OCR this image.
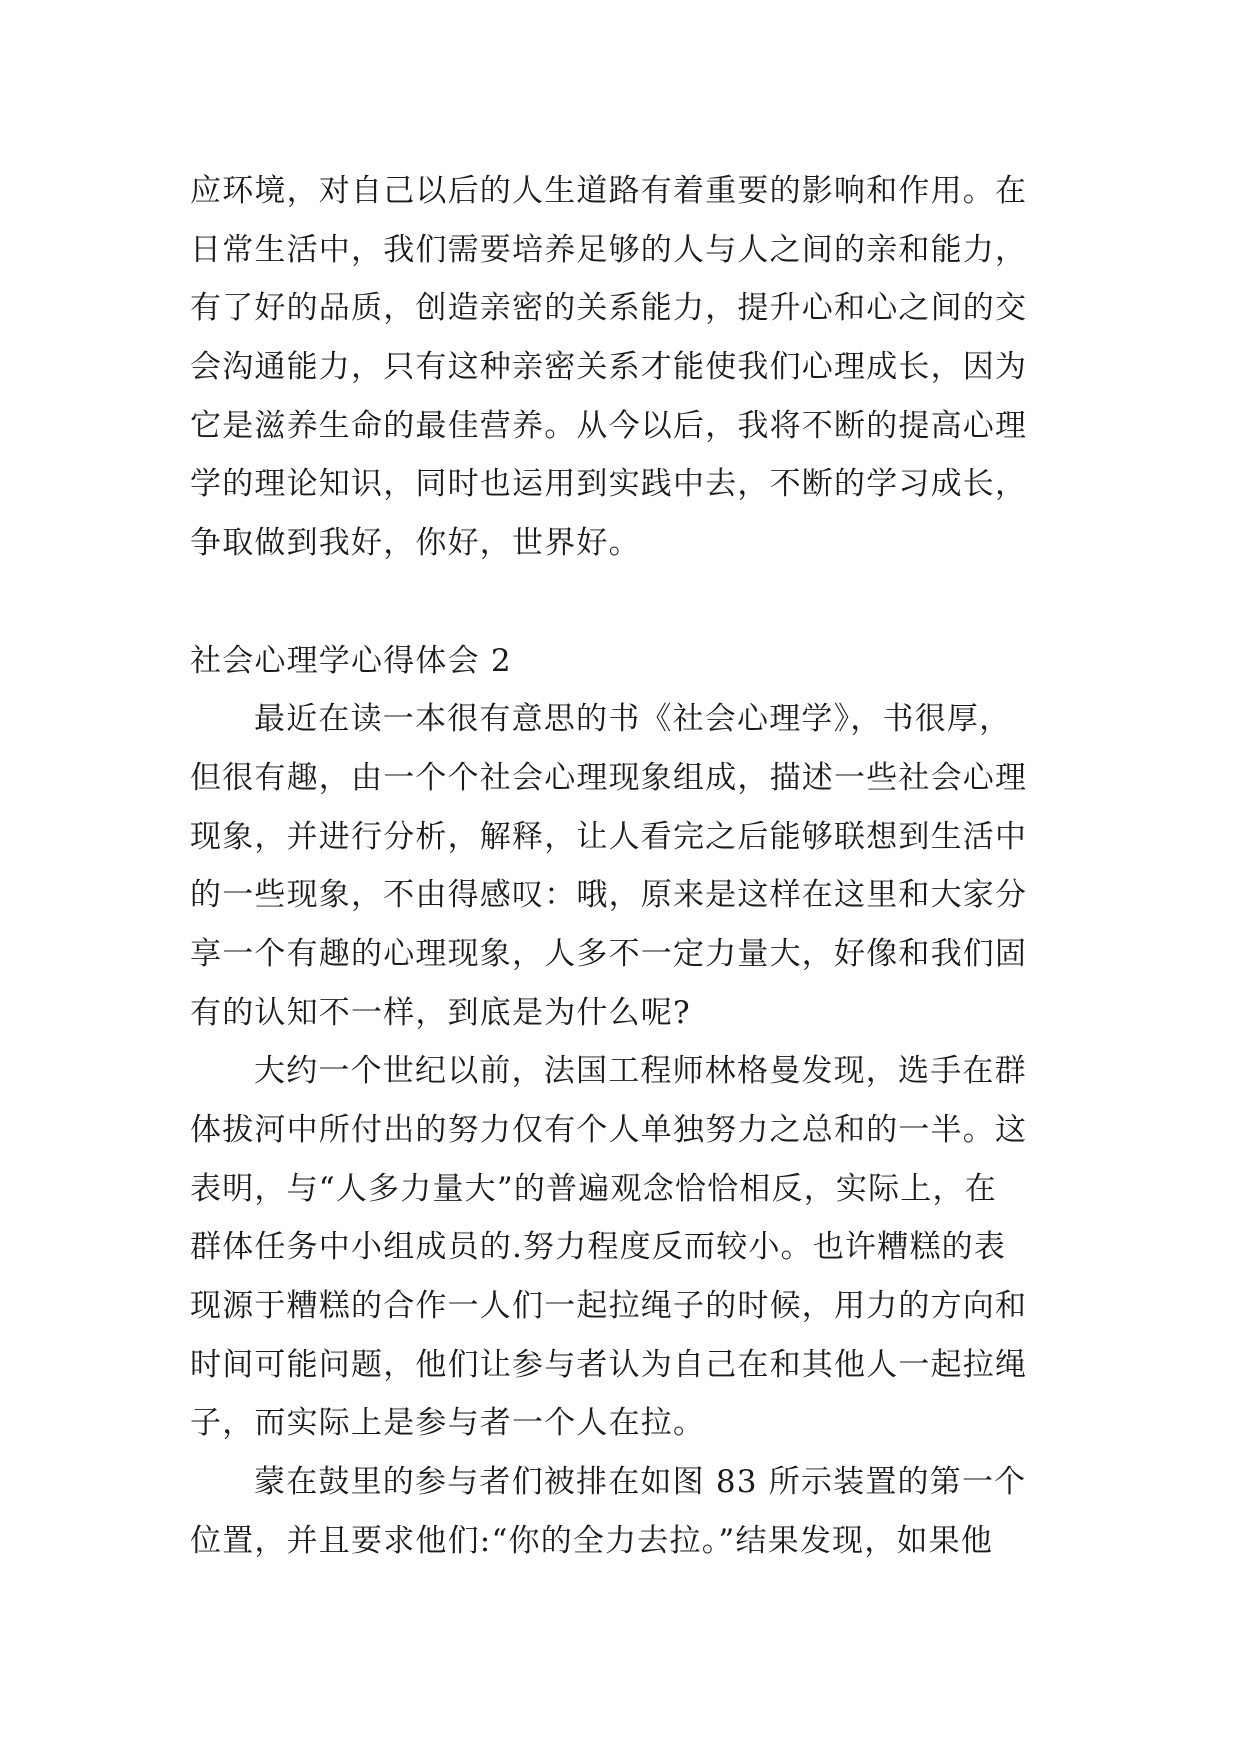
应环境，对自己以后的人生道路有着重要的影响和作用。在
日常生活中，我们需要培养足够的人与人之间的亲和能力，
有了好的品质，创造亲密的关系能力，提升心和心之间的交
会沟通能力，只有这种亲密关系才能使我们心理成长，因为
它是滋养生命的最佳营养。从今以后，我将不断的提高心理
学的理论知识，同时也运用到实践中去，不断的学习成长，
争取做到我好，你好，世界好。
社会心理学心得体会 2
最近在读一本很有意思的书《社会心理学》，书很厚，
但很有趣，由一个个社会心理现象组成，描述一些社会心理
现象，并进行分析，解释，让人看完之后能够联想到生活中
的一些现象，不由得感叹：哦，原来是这样在这里和大家分
享一个有趣的心理现象，人多不一定力量大，好像和我们固
有的认知不一样，到底是为什么呢?
大约一个世纪以前，法国工程师林格曼发现，选手在群
体拔河中所付出的努力仅有个人单独努力之总和的一半。这
表明，与“人多力量大”的普遍观念恰恰相反，实际上，在
群体任务中小组成员的.努力程度反而较小。也许糟糕的表
现源于糟糕的合作一人们一起拉绳子的时候，用力的方向和
时间可能问题，他们让参与者认为自己在和其他人一起拉绳
子，而实际上是参与者一个人在拉。
蒙在鼓里的参与者们被排在如图 83 所示装置的第一个
位置，并且要求他们:“你的全力去拉。”结果发现，如果他
